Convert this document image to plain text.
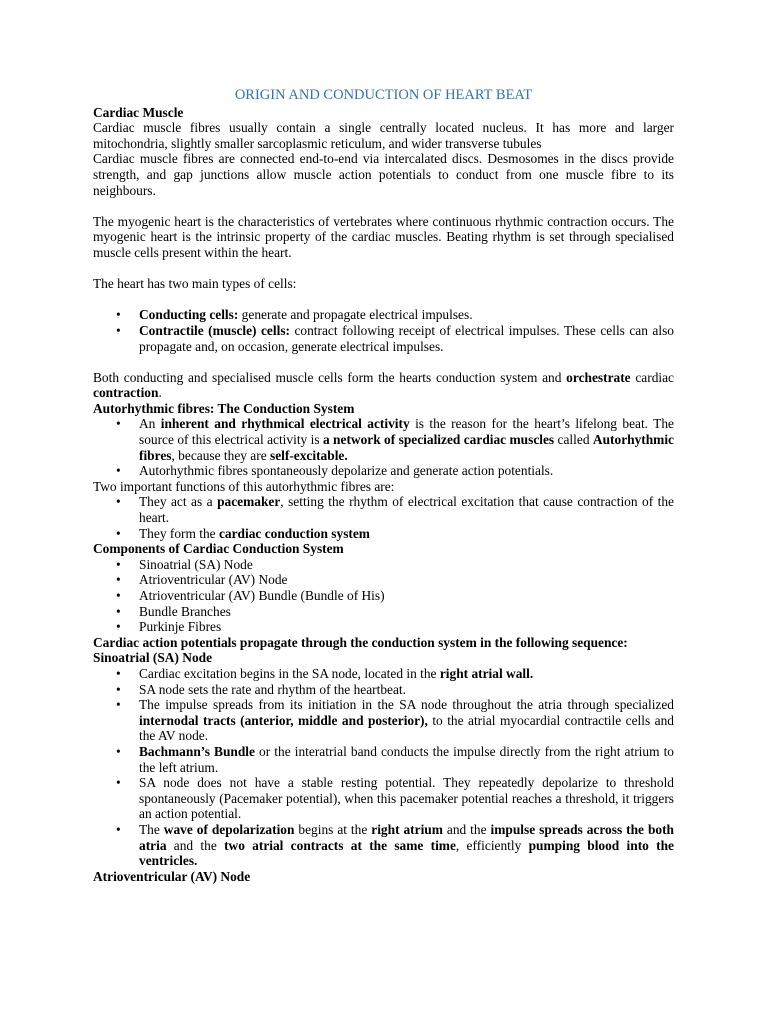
ORIGIN AND CONDUCTION OF HEART BEAT
Cardiac Muscle

Cardiac muscle fibres usually contain a single centrally located nucleus. It has more and larger mitochondria, slightly smaller sarcoplasmic reticulum, and wider transverse tubules

Cardiac muscle fibres are connected end-to-end via intercalated discs. Desmosomes in the discs provide strength, and gap junctions allow muscle action potentials to conduct from one muscle fibre to its neighbours.

The myogenic heart is the characteristics of vertebrates where continuous rhythmic contraction occurs. The myogenic heart is the intrinsic property of the cardiac muscles. Beating rhythm is set through specialised muscle cells present within the heart.

The heart has two main types of cells:

• Conducting cells: generate and propagate electrical impulses.
• Contractile (muscle) cells: contract following receipt of electrical impulses. These cells can also propagate and, on occasion, generate electrical impulses.

Both conducting and specialised muscle cells form the hearts conduction system and orchestrate cardiac contraction.

Autorhythmic fibres: The Conduction System
• An inherent and rhythmical electrical activity is the reason for the heart’s lifelong beat. The source of this electrical activity is a network of specialized cardiac muscles called Autorhythmic fibres, because they are self-excitable.
• Autorhythmic fibres spontaneously depolarize and generate action potentials.

Two important functions of this autorhythmic fibres are:

• They act as a pacemaker, setting the rhythm of electrical excitation that cause contraction of the heart.
• They form the cardiac conduction system
Components of Cardiac Conduction System
• Sinoatrial (SA) Node
• Atrioventricular (AV) Node
• Atrioventricular (AV) Bundle (Bundle of His)
• Bundle Branches
• Purkinje Fibres
Cardiac action potentials propagate through the conduction system in the following sequence:
Sinoatrial (SA) Node
• Cardiac excitation begins in the SA node, located in the right atrial wall.
• SA node sets the rate and rhythm of the heartbeat.
• The impulse spreads from its initiation in the SA node throughout the atria through specialized internodal tracts (anterior, middle and posterior), to the atrial myocardial contractile cells and the AV node.
• Bachmann’s Bundle or the interatrial band conducts the impulse directly from the right atrium to the left atrium.
• SA node does not have a stable resting potential. They repeatedly depolarize to threshold spontaneously (Pacemaker potential), when this pacemaker potential reaches a threshold, it triggers an action potential.
• The wave of depolarization begins at the right atrium and the impulse spreads across the both atria and the two atrial contracts at the same time, efficiently pumping blood into the ventricles.
Atrioventricular (AV) Node
